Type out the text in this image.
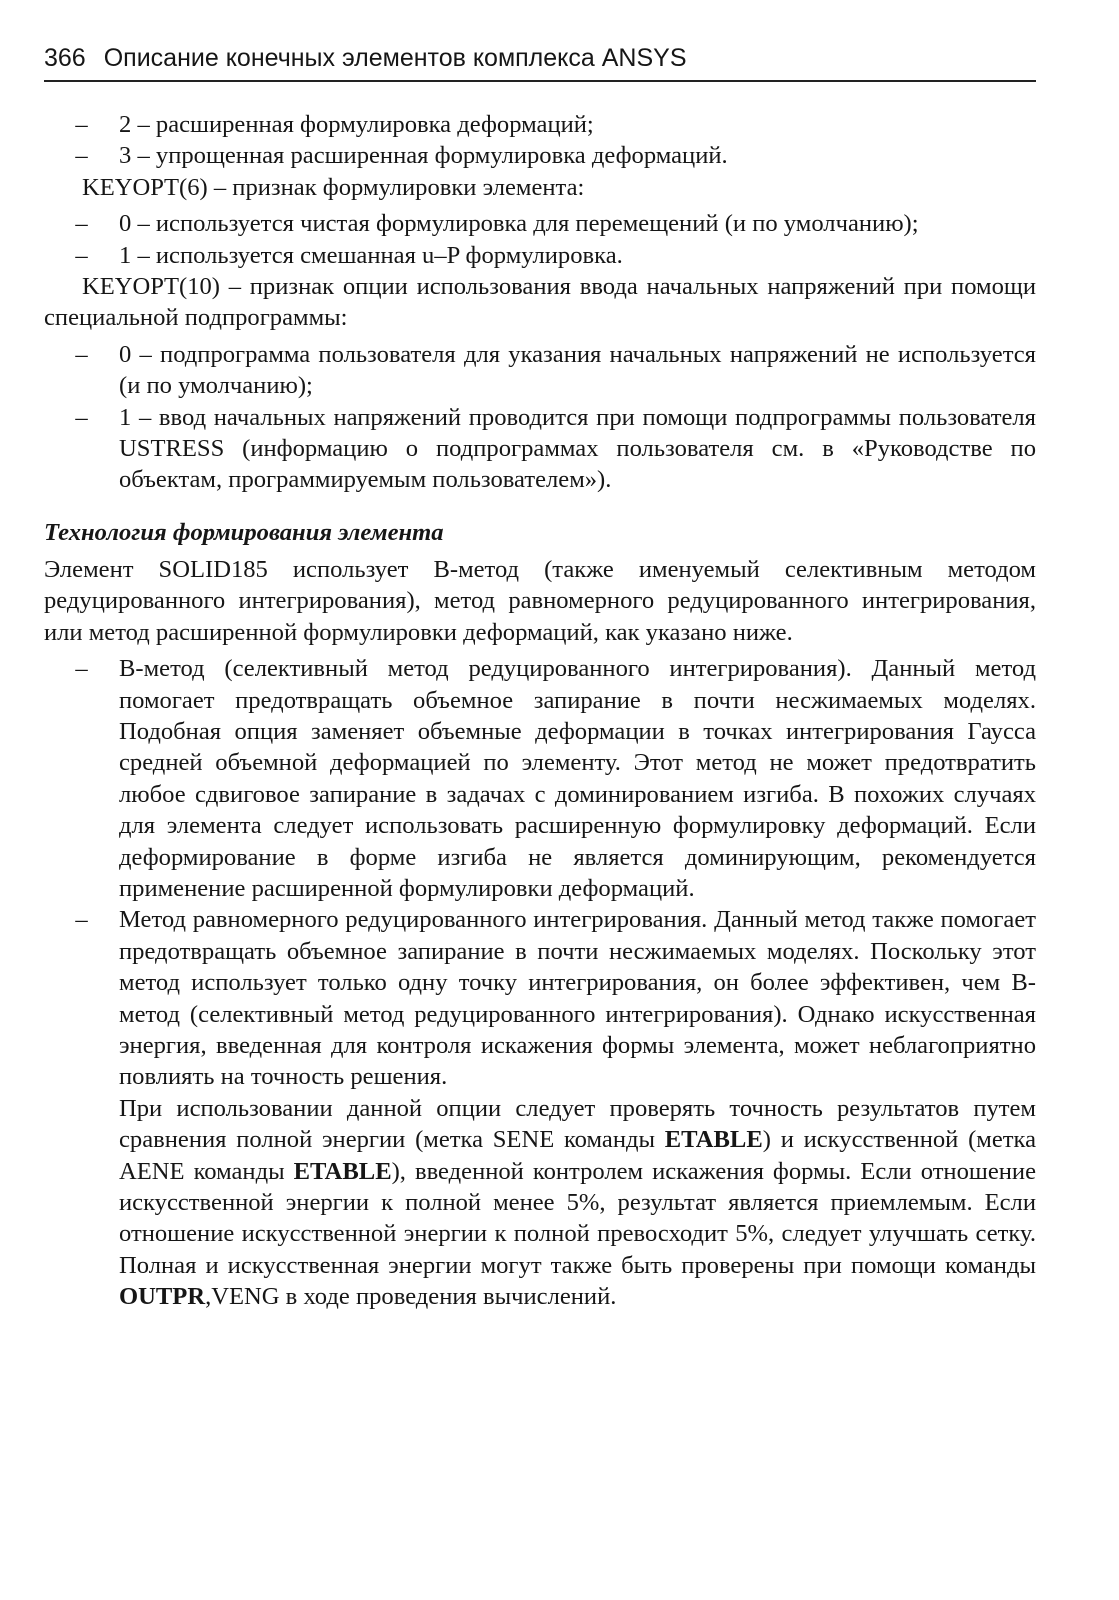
366 Описание конечных элементов комплекса ANSYS
–	2 – расширенная формулировка деформаций;
–	3 – упрощенная расширенная формулировка деформаций.

KEYOPT(6) – признак формулировки элемента:

–	0 – используется чистая формулировка для перемещений (и по умолчанию);
–	1 – используется смешанная u–P формулировка.

KEYOPT(10) – признак опции использования ввода начальных напряжений при помощи специальной подпрограммы:

–	0 – подпрограмма пользователя для указания начальных напряжений не используется (и по умолчанию);
–	1 – ввод начальных напряжений проводится при помощи подпрограммы пользователя USTRESS (информацию о подпрограммах пользователя см. в «Руководстве по объектам, программируемым пользователем»).
Технология формирования элемента

Элемент SOLID185 использует B-метод (также именуемый селективным методом редуцированного интегрирования), метод равномерного редуцированного интегрирования, или метод расширенной формулировки деформаций, как указано ниже.

–	B-метод (селективный метод редуцированного интегрирования). Данный метод помогает предотвращать объемное запирание в почти несжимаемых моделях. Подобная опция заменяет объемные деформации в точках интегрирования Гаусса средней объемной деформацией по элементу. Этот метод не может предотвратить любое сдвиговое запирание в задачах с доминированием изгиба. В похожих случаях для элемента следует использовать расширенную формулировку деформаций. Если деформирование в форме изгиба не является доминирующим, рекомендуется применение расширенной формулировки деформаций.
–	Метод равномерного редуцированного интегрирования. Данный метод также помогает предотвращать объемное запирание в почти несжимаемых моделях. Поскольку этот метод использует только одну точку интегрирования, он более эффективен, чем B-метод (селективный метод редуцированного интегрирования). Однако искусственная энергия, введенная для контроля искажения формы элемента, может неблагоприятно повлиять на точность решения.

При использовании данной опции следует проверять точность результатов путем сравнения полной энергии (метка SENE команды ETABLE) и искусственной (метка AENE команды ETABLE), введенной контролем искажения формы. Если отношение искусственной энергии к полной менее 5%, результат является приемлемым. Если отношение искусственной энергии к полной превосходит 5%, следует улучшать сетку. Полная и искусственная энергии могут также быть проверены при помощи команды OUTPR,VENG в ходе проведения вычислений.
